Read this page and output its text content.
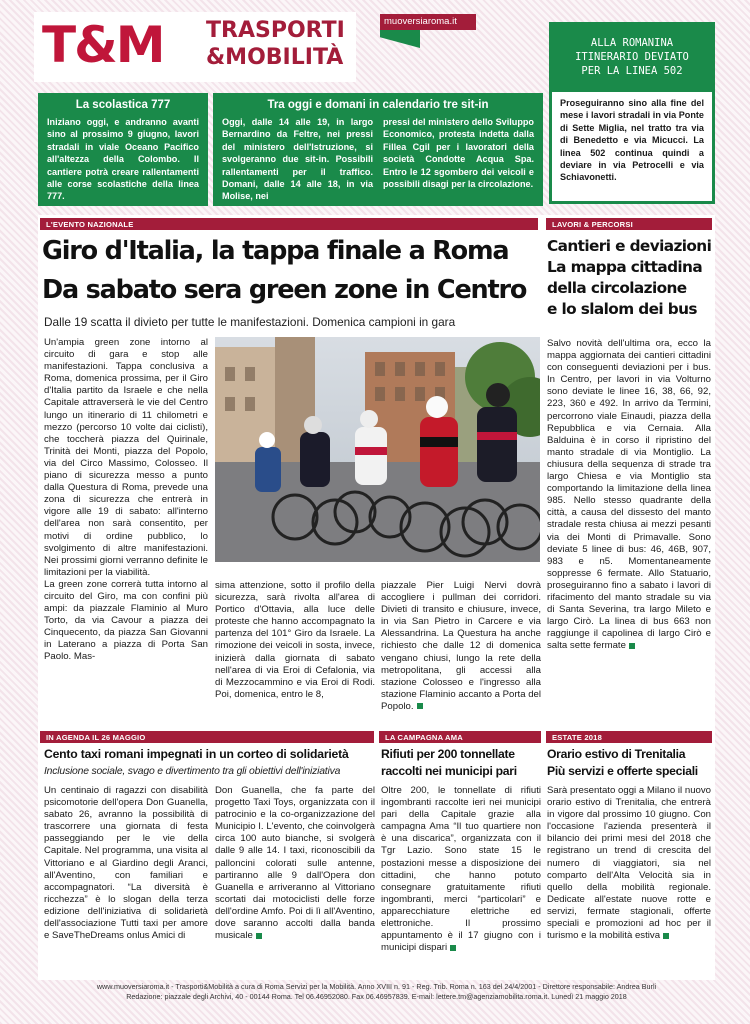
T&M TRASPORTI
&MOBILITÀ
muoversiaroma.it
ALLA ROMANINA
ITINERARIO DEVIATO
PER LA LINEA 502
Proseguiranno sino alla fine del mese i lavori stradali in via Ponte di Sette Miglia, nel tratto tra via di Benedetto e via Micucci. La linea 502 continua quindi a deviare in via Petrocelli e via Schiavonetti.
La scolastica 777
Iniziano oggi, e andranno avanti sino al prossimo 9 giugno, lavori stradali in viale Oceano Pacifico all'altezza della Colombo. Il cantiere potrà creare rallentamenti alle corse scolastiche della linea 777.
Tra oggi e domani in calendario tre sit-in
Oggi, dalle 14 alle 19, in largo Bernardino da Feltre, nei pressi del ministero dell'Istruzione, si svolgeranno due sit-in. Possibili rallentamenti per il traffico. Domani, dalle 14 alle 18, in via Molise, nei
pressi del ministero dello Sviluppo Economico, protesta indetta dalla Fillea Cgil per i lavoratori della società Condotte Acqua Spa. Entro le 12 sgombero dei veicoli e possibili disagi per la circolazione.
L'EVENTO NAZIONALE
Giro d'Italia, la tappa finale a Roma
Da sabato sera green zone in Centro
Dalle 19 scatta il divieto per tutte le manifestazioni. Domenica campioni in gara

Un'ampia green zone intorno al circuito di gara e stop alle manifestazioni. Tappa conclusiva a Roma, domenica prossima, per il Giro d'Italia partito da Israele e che nella Capitale attraverserà le vie del Centro lungo un itinerario di 11 chilometri e mezzo (percorso 10 volte dai ciclisti), che toccherà piazza del Quirinale, Trinità dei Monti, piazza del Popolo, via del Circo Massimo, Colosseo. Il piano di sicurezza messo a punto dalla Questura di Roma, prevede una zona di sicurezza che entrerà in vigore alle 19 di sabato: all'interno dell'area non sarà consentito, per motivi di ordine pubblico, lo svolgimento di altre manifestazioni. Nei prossimi giorni verranno definite le limitazioni per la viabilità.

La green zone correrà tutta intorno al circuito del Giro, ma con confini più ampi: da piazzale Flaminio al Muro Torto, da via Cavour a piazza dei Cinquecento, da piazza San Giovanni in Laterano a piazza di Porta San Paolo. Mas-

sima attenzione, sotto il profilo della sicurezza, sarà rivolta all'area di Portico d'Ottavia, alla luce delle proteste che hanno accompagnato la partenza del 101° Giro da Israele. La rimozione dei veicoli in sosta, invece, inizierà dalla giornata di sabato nell'area di via Eroi di Cefalonia, via di Mezzocammino e via Eroi di Rodi. Poi, domenica, entro le 8,
piazzale Pier Luigi Nervi dovrà accogliere i pullman dei corridori. Divieti di transito e chiusure, invece, in via San Pietro in Carcere e via Alessandrina. La Questura ha anche richiesto che dalle 12 di domenica vengano chiusi, lungo la rete della metropolitana, gli accessi alla stazione Colosseo e l'ingresso alla stazione Flaminio accanto a Porta del Popolo.
LAVORI & PERCORSI
Cantieri e deviazioni
La mappa cittadina
della circolazione
e lo slalom dei bus
Salvo novità dell'ultima ora, ecco la mappa aggiornata dei cantieri cittadini con conseguenti deviazioni per i bus. In Centro, per lavori in via Volturno sono deviate le linee 16, 38, 66, 92, 223, 360 e 492. In arrivo da Termini, percorrono viale Einaudi, piazza della Repubblica e via Cernaia. Alla Balduina è in corso il ripristino del manto stradale di via Montiglio. La chiusura della sequenza di strade tra largo Chiesa e via Montiglio sta comportando la limitazione della linea 985. Nello stesso quadrante della città, a causa del dissesto del manto stradale resta chiusa ai mezzi pesanti via dei Monti di Primavalle. Sono deviate 5 linee di bus: 46, 46B, 907, 983 e n5. Momentaneamente soppresse 6 fermate. Allo Statuario, proseguiranno fino a sabato i lavori di rifacimento del manto stradale su via di Santa Severina, tra largo Mileto e largo Cirò. La linea di bus 663 non raggiunge il capolinea di largo Cirò e salta sette fermate
IN AGENDA IL 26 MAGGIO
Cento taxi romani impegnati in un corteo di solidarietà
Inclusione sociale, svago e divertimento tra gli obiettivi dell'iniziativa
Un centinaio di ragazzi con disabilità psicomotorie dell'opera Don Guanella, sabato 26, avranno la possibilità di trascorrere una giornata di festa passeggiando per le vie della Capitale. Nel programma, una visita al Vittoriano e al Giardino degli Aranci, all'Aventino, con familiari e accompagnatori. “La diversità è ricchezza” è lo slogan della terza edizione dell'iniziativa di solidarietà dell'associazione Tutti taxi per amore e SaveTheDreams onlus Amici di
Don Guanella, che fa parte del progetto Taxi Toys, organizzata con il patrocinio e la co-organizzazione del Municipio I. L'evento, che coinvolgerà circa 100 auto bianche, si svolgerà dalle 9 alle 14. I taxi, riconoscibili da palloncini colorati sulle antenne, partiranno alle 9 dall'Opera don Guanella e arriveranno al Vittoriano scortati dai motociclisti delle forze dell'ordine Amfo. Poi di lì all'Aventino, dove saranno accolti dalla banda musicale
LA CAMPAGNA AMA
Rifiuti per 200 tonnellate
raccolti nei municipi pari
Oltre 200, le tonnellate di rifiuti ingombranti raccolte ieri nei municipi pari della Capitale grazie alla campagna Ama “Il tuo quartiere non è una discarica”, organizzata con il Tgr Lazio. Sono state 15 le postazioni messe a disposizione dei cittadini, che hanno potuto consegnare gratuitamente rifiuti ingombranti, merci “particolari” e apparecchiature elettriche ed elettroniche. Il prossimo appuntamento è il 17 giugno con i municipi dispari
ESTATE 2018
Orario estivo di Trenitalia
Più servizi e offerte speciali
Sarà presentato oggi a Milano il nuovo orario estivo di Trenitalia, che entrerà in vigore dal prossimo 10 giugno. Con l'occasione l'azienda presenterà il bilancio dei primi mesi del 2018 che registrano un trend di crescita del numero di viaggiatori, sia nel comparto dell'Alta Velocità sia in quello della mobilità regionale. Dedicate all'estate nuove rotte e servizi, fermate stagionali, offerte speciali e promozioni ad hoc per il turismo e la mobilità estiva
www.muoversiaroma.it - Trasporti&Mobilità a cura di Roma Servizi per la Mobilità. Anno XVIII n. 91 - Reg. Trib. Roma n. 163 del 24/4/2001 - Direttore responsabile: Andrea Burli
Redazione: piazzale degli Archivi, 40 - 00144 Roma. Tel 06.46952080. Fax 06.46957839. E-mail: lettere.tm@agenziamobilita.roma.it. Lunedì 21 maggio 2018
